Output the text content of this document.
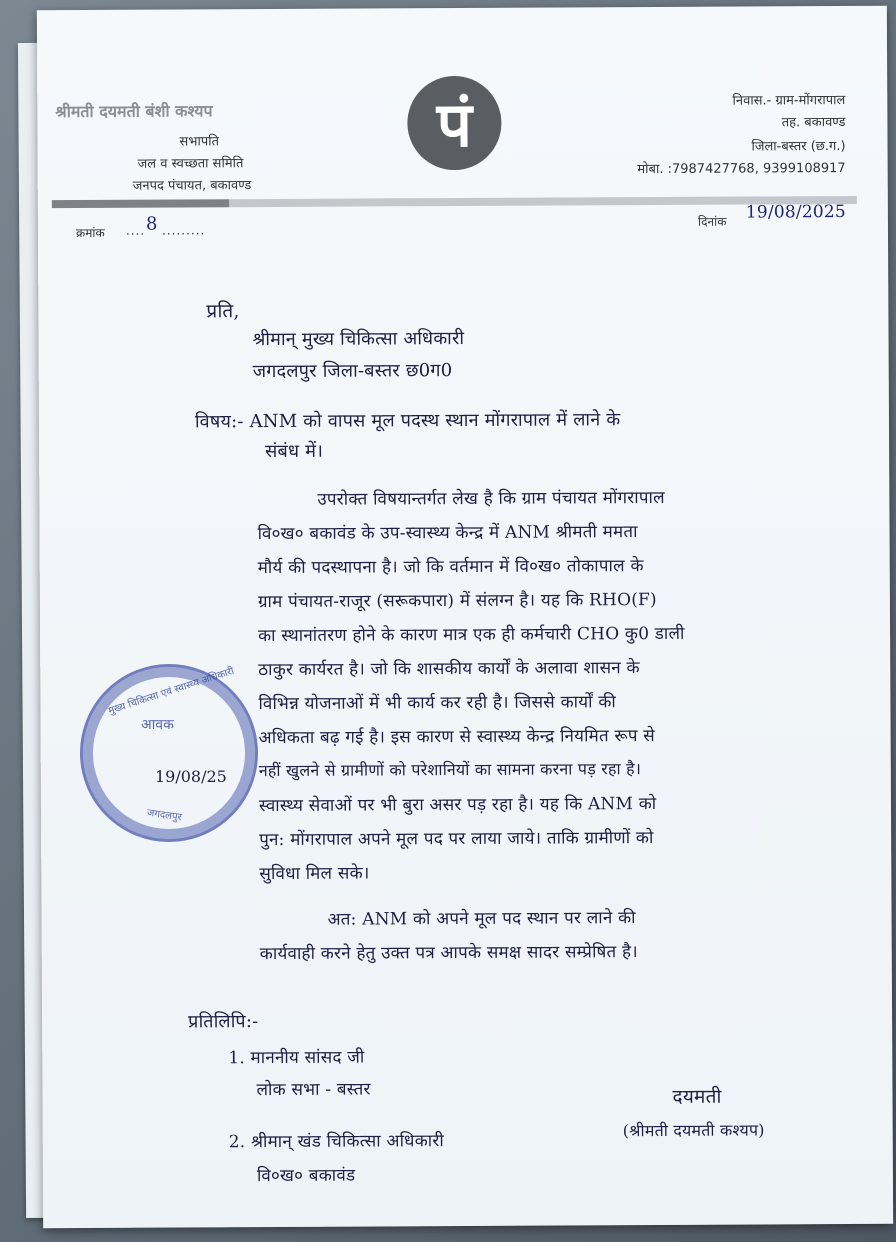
श्रीमती दयमती बंशी कश्यप
सभापति
जल व स्वच्छता समिति
जनपद पंचायत, बकावण्ड
पं	निवास.- ग्राम-मोंगरापाल
तह. बकावण्ड
जिला-बस्तर (छ.ग.)
मोबा. :7987427768, 9399108917
क्रमांक .... 8 .........
दिनांक 19/08/2025
प्रति,
श्रीमान् मुख्य चिकित्सा अधिकारी
जगदलपुर जिला-बस्तर छ0ग0
विषय:- ANM को वापस मूल पदस्थ स्थान मोंगरापाल में लाने के
संबंध में।
उपरोक्त विषयान्तर्गत लेख है कि ग्राम पंचायत मोंगरापाल
वि०ख० बकावंड के उप-स्वास्थ्य केन्द्र में ANM श्रीमती ममता
मौर्य की पदस्थापना है। जो कि वर्तमान में वि०ख० तोकापाल के
ग्राम पंचायत-राजूर (सरूकपारा) में संलग्न है। यह कि RHO(F)
का स्थानांतरण होने के कारण मात्र एक ही कर्मचारी CHO कु0 डाली
ठाकुर कार्यरत है। जो कि शासकीय कार्यों के अलावा शासन के
विभिन्न योजनाओं में भी कार्य कर रही है। जिससे कार्यों की
अधिकता बढ़ गई है। इस कारण से स्वास्थ्य केन्द्र नियमित रूप से
नहीं खुलने से ग्रामीणों को परेशानियों का सामना करना पड़ रहा है।
स्वास्थ्य सेवाओं पर भी बुरा असर पड़ रहा है। यह कि ANM को
पुन: मोंगरापाल अपने मूल पद पर लाया जाये। ताकि ग्रामीणों को
सुविधा मिल सके।
अत: ANM को अपने मूल पद स्थान पर लाने की
कार्यवाही करने हेतु उक्त पत्र आपके समक्ष सादर सम्प्रेषित है।
प्रतिलिपि:-
1. माननीय सांसद जी
लोक सभा - बस्तर
2. श्रीमान् खंड चिकित्सा अधिकारी
वि०ख० बकावंड
दयमती
(श्रीमती दयमती कश्यप)
मुख्य चिकित्सा एवं स्वास्थ्य अधिकारी
आवक
19/08/25
जगदलपुर
